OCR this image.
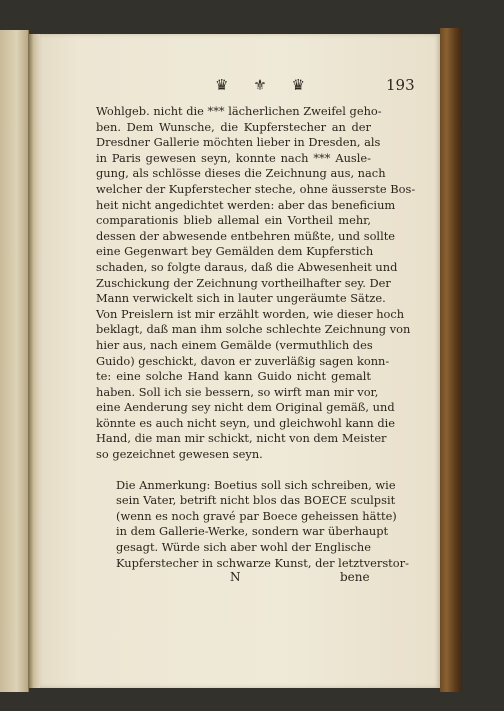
♛ ⚜ ♛	193

Wohlgeb. nicht die *** lächerlichen Zweifel geho-
ben. Dem Wunsche, die Kupferstecher an der
Dresdner Gallerie möchten lieber in Dresden, als
in Paris gewesen seyn, konnte nach *** Ausle-
gung, als schlösse dieses die Zeichnung aus, nach
welcher der Kupferstecher steche, ohne äusserste Bos-
heit nicht angedichtet werden: aber das beneficium
comparationis blieb allemal ein Vortheil mehr,
dessen der abwesende entbehren müßte, und sollte
eine Gegenwart bey Gemälden dem Kupferstich
schaden, so folgte daraus, daß die Abwesenheit und
Zuschickung der Zeichnung vortheilhafter sey. Der
Mann verwickelt sich in lauter ungeräumte Sätze.
Von Preislern ist mir erzählt worden, wie dieser hoch
beklagt, daß man ihm solche schlechte Zeichnung von
hier aus, nach einem Gemälde (vermuthlich des
Guido) geschickt, davon er zuverläßig sagen konn-
te: eine solche Hand kann Guido nicht gemalt
haben. Soll ich sie bessern, so wirft man mir vor,
eine Aenderung sey nicht dem Original gemäß, und
könnte es auch nicht seyn, und gleichwohl kann die
Hand, die man mir schickt, nicht von dem Meister
so gezeichnet gewesen seyn.

Die Anmerkung: Boetius soll sich schreiben, wie
sein Vater, betrift nicht blos das BOECE sculpsit
(wenn es noch gravé par Boece geheissen hätte)
in dem Gallerie-Werke, sondern war überhaupt
gesagt. Würde sich aber wohl der Englische
Kupferstecher in schwarze Kunst, der letztverstor-

N	bene
